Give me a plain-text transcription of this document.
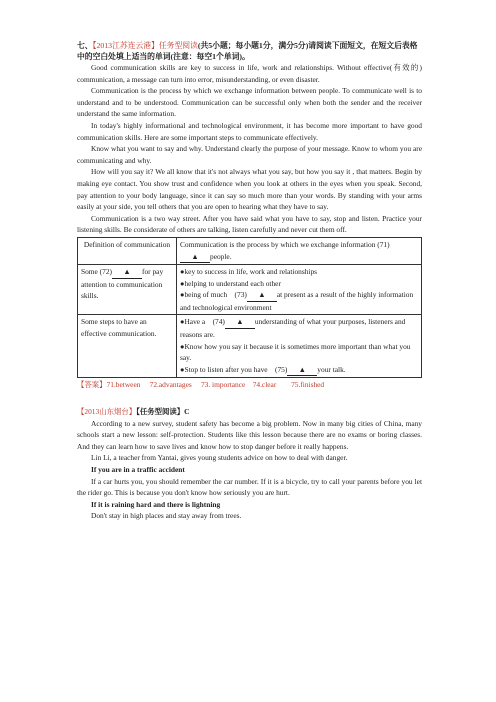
七、【2013江苏连云港】任务型阅读(共5小题；每小题1分，满分5分)请阅读下面短文，在短文后表格中的空白处填上适当的单词(注意：每空1个单词)。

Good communication skills are key to success in life, work and relationships. Without effective(有效的) communication, a message can turn into error, misunderstanding, or even disaster.

Communication is the process by which we exchange information between people. To communicate well is to understand and to be understood. Communication can be successful only when both the sender and the receiver understand the same information.

In today's highly informational and technological environment, it has become more important to have good communication skills. Here are some important steps to communicate effectively.

Know what you want to say and why. Understand clearly the purpose of your message. Know to whom you are communicating and why.

How will you say it? We all know that it's not always what you say, but how you say it , that matters. Begin by making eye contact. You show trust and confidence when you look at others in the eyes when you speak. Second, pay attention to your body language, since it can say so much more than your words. By standing with your arms easily at your side, you tell others that you are open to hearing what they have to say.

Communication is a two way street. After you have said what you have to say, stop and listen. Practice your listening skills. Be considerate of others are talking, listen carefully and never cut them off.

Definition of communication	Communication is the process by which we exchange information (71)▲ people.
Some (72) ▲ for pay attention to communication skills.	●key to success in life, work and relationships
●helping to understand each other
●being of much　(73) ▲ at present as a result of the highly information and technological environment

Some steps to have an effective communication.	●Have a　(74) ▲ understanding of what your purposes, listeners and reasons are.
●Know how you say it because it is sometimes more important than what you say.
●Stop to listen after you have　(75) ▲ your talk.
【答案】71.between　 72.advantages　 73. importance　74.clear　　75.finished
【2013山东烟台】【任务型阅读】C

According to a new survey, student safety has become a big problem. Now in many big cities of China, many schools start a new lesson: self-protection. Students like this lesson because there are no exams or boring classes. And they can learn how to save lives and know how to stop danger before it really happens.

Lin Li, a teacher from Yantai, gives young students advice on how to deal with danger.

If you are in a traffic accident

If a car hurts you, you should remember the car number. If it is a bicycle, try to call your parents before you let the rider go. This is because you don't know how seriously you are hurt.

If it is raining hard and there is lightning

Don't stay in high places and stay away from trees.
